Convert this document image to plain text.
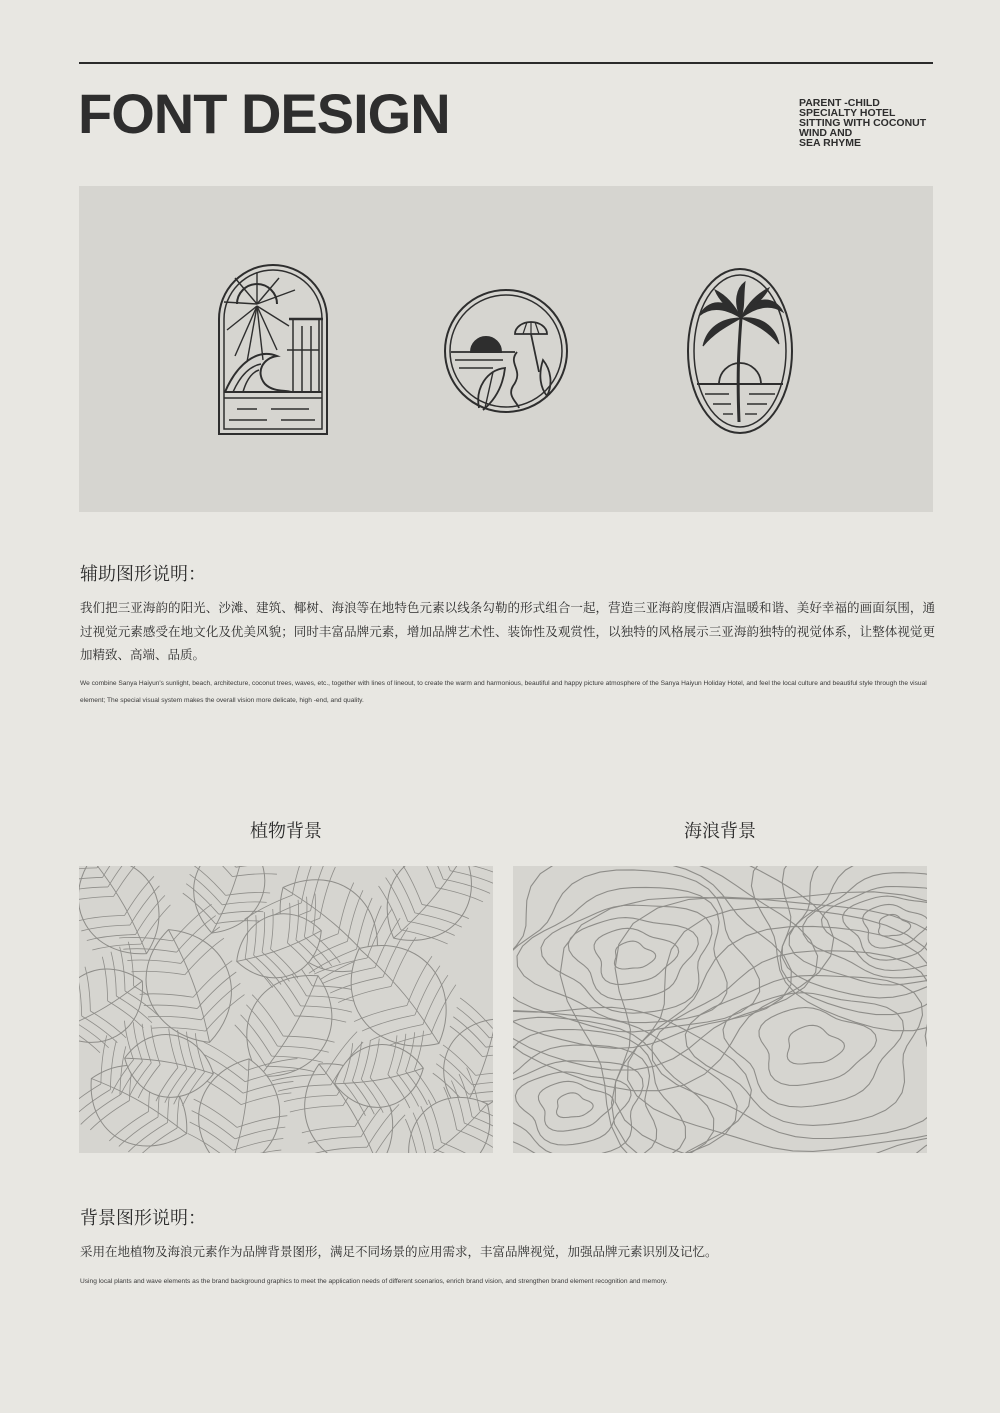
FONT DESIGN	PARENT -CHILD
SPECIALTY HOTEL
SITTING WITH COCONUT
WIND AND
SEA RHYME
辅助图形说明：

我们把三亚海韵的阳光、沙滩、建筑、椰树、海浪等在地特色元素以线条勾勒的形式组合一起，营造三亚海韵度假酒店温暖和谐、美好幸福的画面氛围，通过视觉元素感受在地文化及优美风貌；同时丰富品牌元素，增加品牌艺术性、装饰性及观赏性，以独特的风格展示三亚海韵独特的视觉体系，让整体视觉更加精致、高端、品质。

We combine Sanya Haiyun's sunlight, beach, architecture, coconut trees, waves, etc., together with lines of lineout, to create the warm and harmonious, beautiful and happy picture atmosphere of the Sanya Haiyun Holiday Hotel, and feel the local culture and beautiful style through the visual element; The special visual system makes the overall vision more delicate, high -end, and quality.

植物背景	海浪背景
背景图形说明：

采用在地植物及海浪元素作为品牌背景图形，满足不同场景的应用需求，丰富品牌视觉，加强品牌元素识别及记忆。

Using local plants and wave elements as the brand background graphics to meet the application needs of different scenarios, enrich brand vision, and strengthen brand element recognition and memory.
